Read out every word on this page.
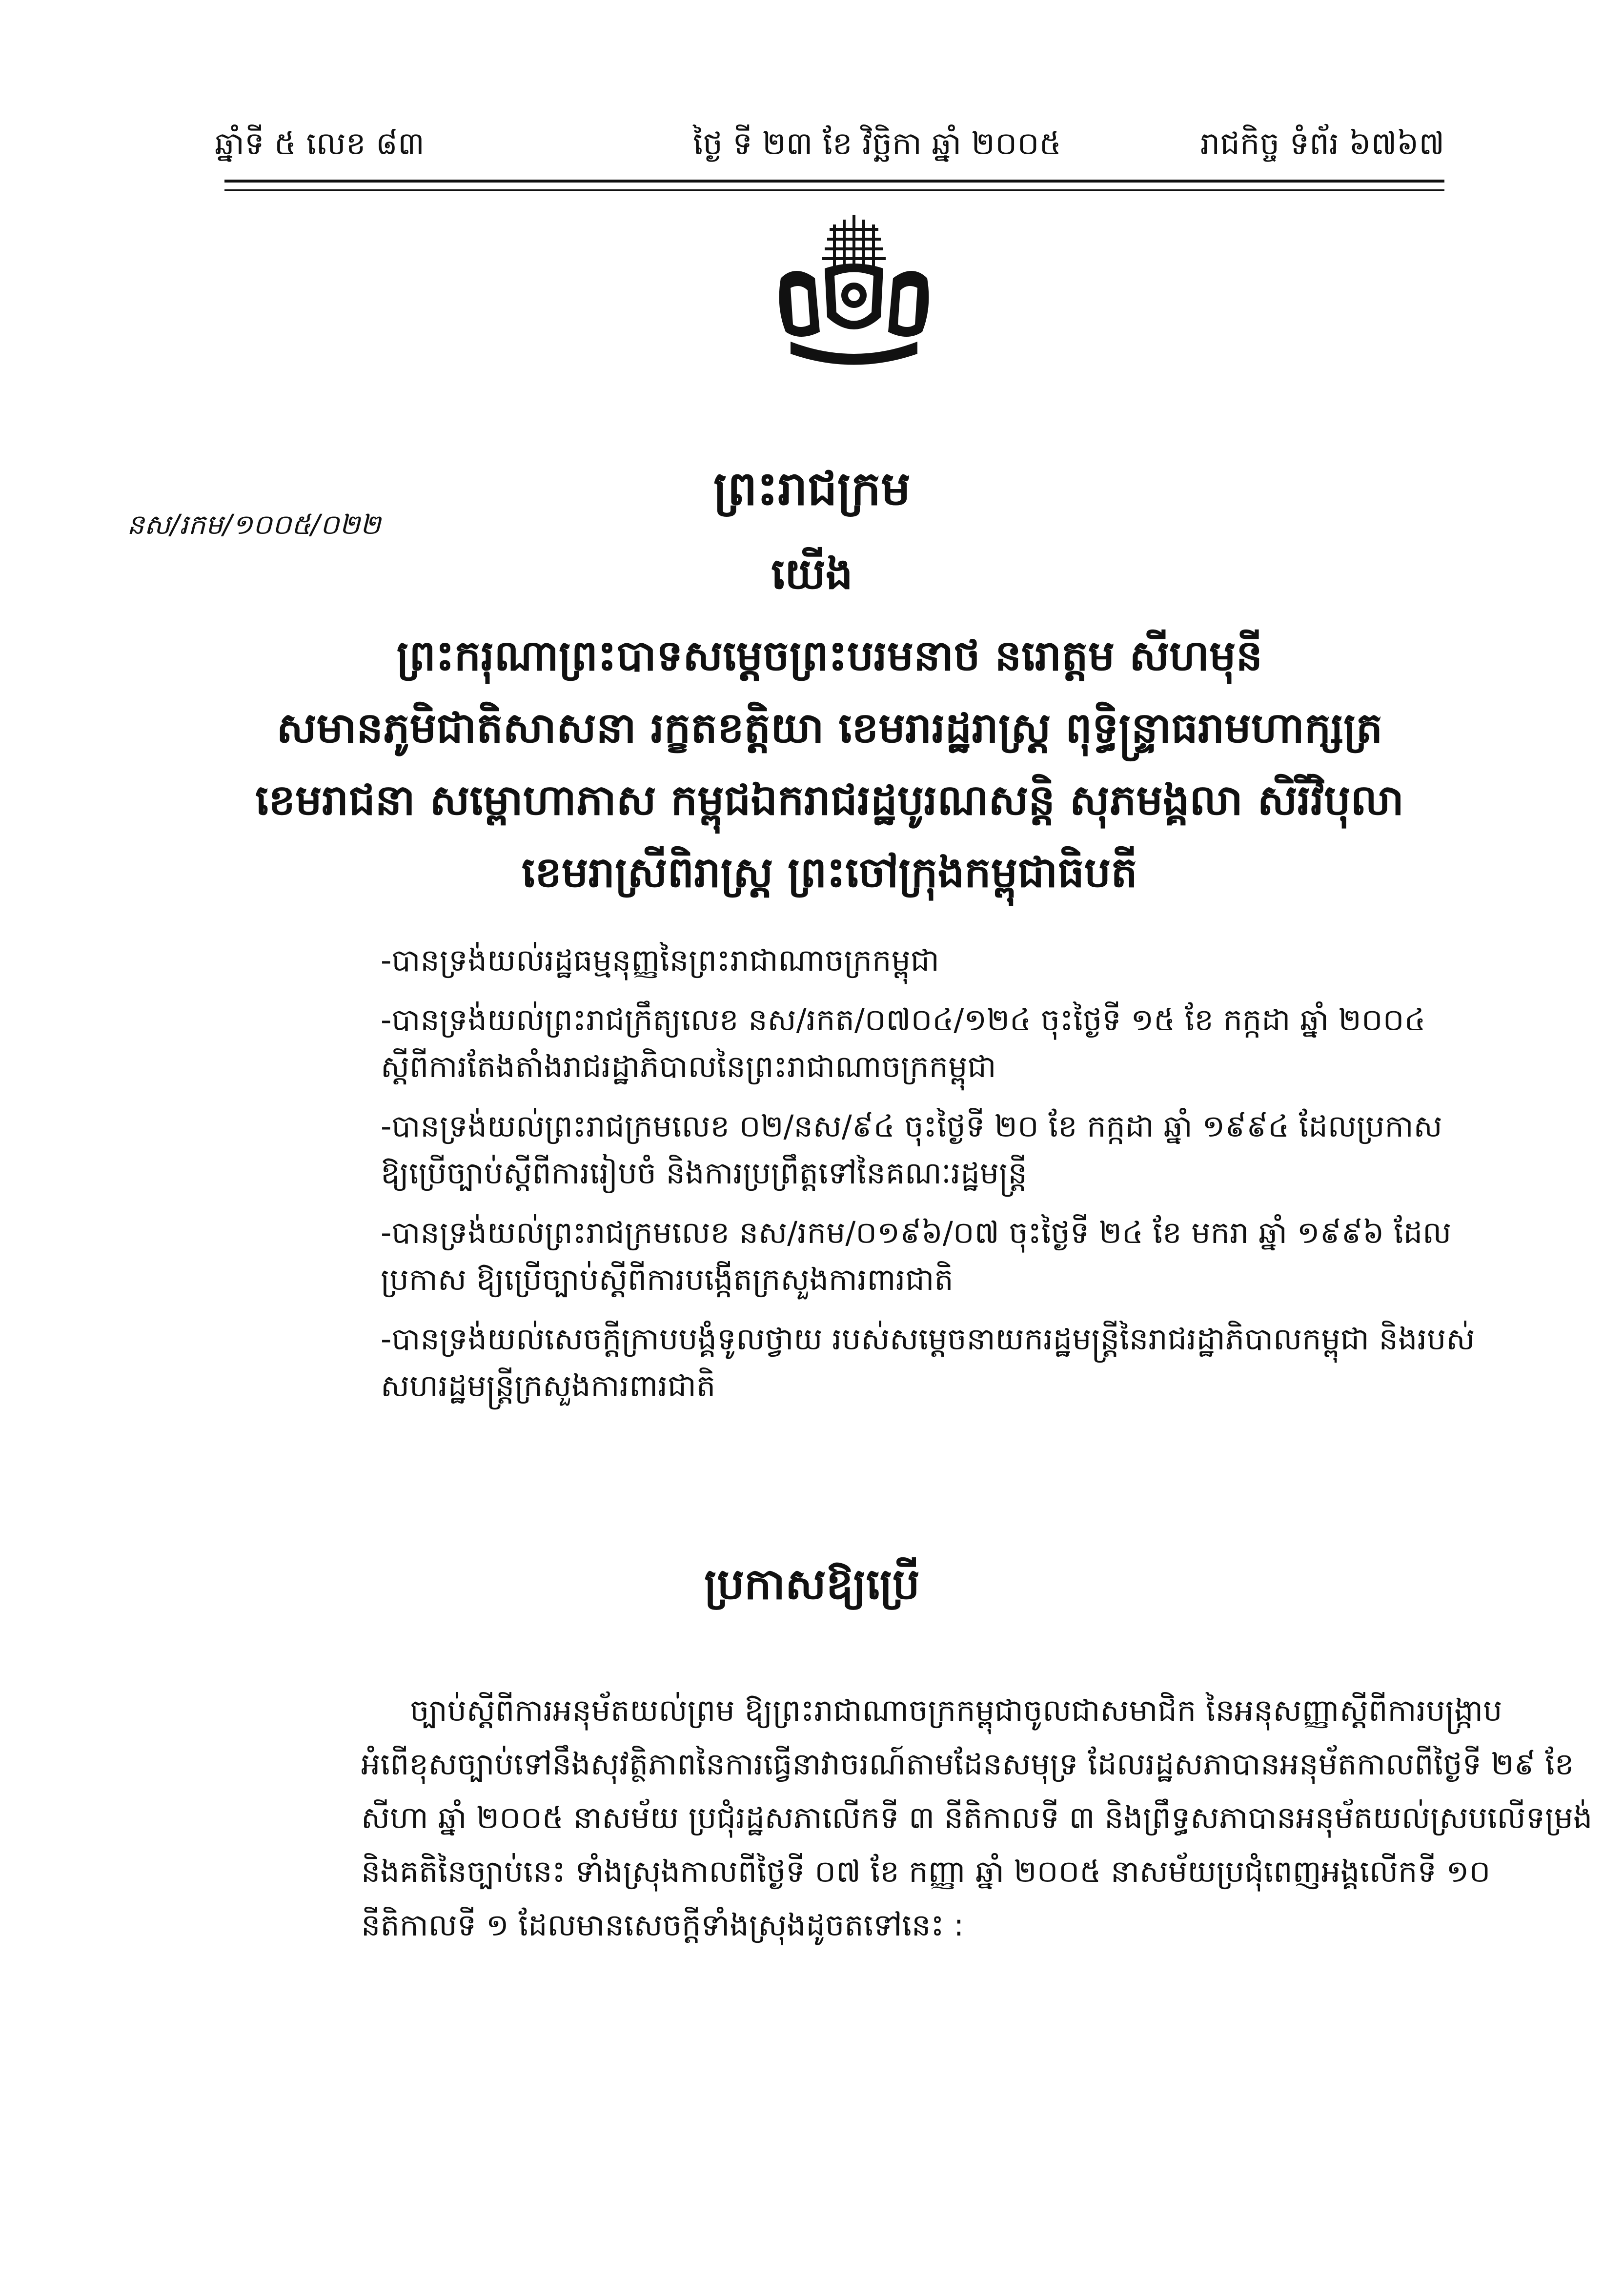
ឆ្នាំទី ៥ លេខ ៨៣	ថ្ងៃ ទី ២៣ ខែ វិច្ឆិកា ឆ្នាំ ២០០៥	រាជកិច្ច ទំព័រ ៦៧៦៧
ព្រះរាជក្រម
នស/រកម/១០០៥/០២២
យើង
ព្រះករុណាព្រះបាទសម្តេចព្រះបរមនាថ នរោត្តម សីហមុនី
សមានភូមិជាតិសាសនា រក្ខតខត្តិយា ខេមរារដ្ឋរាស្ត្រ ពុទ្ធិន្ទ្រាធរាមហាក្សត្រ
ខេមរាជនា សម្ពោហាភាស កម្ពុជឯករាជរដ្ឋបូរណសន្តិ សុភមង្គលា សិរីវិបុលា
ខេមរាស្រីពិរាស្ត្រ ព្រះចៅក្រុងកម្ពុជាធិបតី
-បានទ្រង់យល់រដ្ឋធម្មនុញ្ញនៃព្រះរាជាណាចក្រកម្ពុជា
-បានទ្រង់យល់ព្រះរាជក្រឹត្យលេខ នស/រកត/០៧០៤/១២៤ ចុះថ្ងៃទី ១៥ ខែ កក្កដា ឆ្នាំ ២០០៤
ស្តីពីការតែងតាំងរាជរដ្ឋាភិបាលនៃព្រះរាជាណាចក្រកម្ពុជា
-បានទ្រង់យល់ព្រះរាជក្រមលេខ ០២/នស/៩៤ ចុះថ្ងៃទី ២០ ខែ កក្កដា ឆ្នាំ ១៩៩៤ ដែលប្រកាស
ឱ្យប្រើច្បាប់ស្តីពីការរៀបចំ និងការប្រព្រឹត្តទៅនៃគណៈរដ្ឋមន្ត្រី
-បានទ្រង់យល់ព្រះរាជក្រមលេខ នស/រកម/០១៩៦/០៧ ចុះថ្ងៃទី ២៤ ខែ មករា ឆ្នាំ ១៩៩៦ ដែល
ប្រកាស ឱ្យប្រើច្បាប់ស្តីពីការបង្កើតក្រសួងការពារជាតិ
-បានទ្រង់យល់សេចក្តីក្រាបបង្គំទូលថ្វាយ របស់សម្តេចនាយករដ្ឋមន្ត្រីនៃរាជរដ្ឋាភិបាលកម្ពុជា និងរបស់
សហរដ្ឋមន្ត្រីក្រសួងការពារជាតិ
ប្រកាសឱ្យប្រើ
ច្បាប់ស្តីពីការអនុម័តយល់ព្រម ឱ្យព្រះរាជាណាចក្រកម្ពុជាចូលជាសមាជិក នៃអនុសញ្ញាស្តីពីការបង្ក្រាប
អំពើខុសច្បាប់ទៅនឹងសុវត្ថិភាពនៃការធ្វើនាវាចរណ៍តាមដែនសមុទ្រ ដែលរដ្ឋសភាបានអនុម័តកាលពីថ្ងៃទី ២៩ ខែ
សីហា ឆ្នាំ ២០០៥ នាសម័យ ប្រជុំរដ្ឋសភាលើកទី ៣ នីតិកាលទី ៣ និងព្រឹទ្ធសភាបានអនុម័តយល់ស្របលើទម្រង់
និងគតិនៃច្បាប់នេះ ទាំងស្រុងកាលពីថ្ងៃទី ០៧ ខែ កញ្ញា ឆ្នាំ ២០០៥ នាសម័យប្រជុំពេញអង្គលើកទី ១០
នីតិកាលទី ១ ដែលមានសេចក្តីទាំងស្រុងដូចតទៅនេះ :
